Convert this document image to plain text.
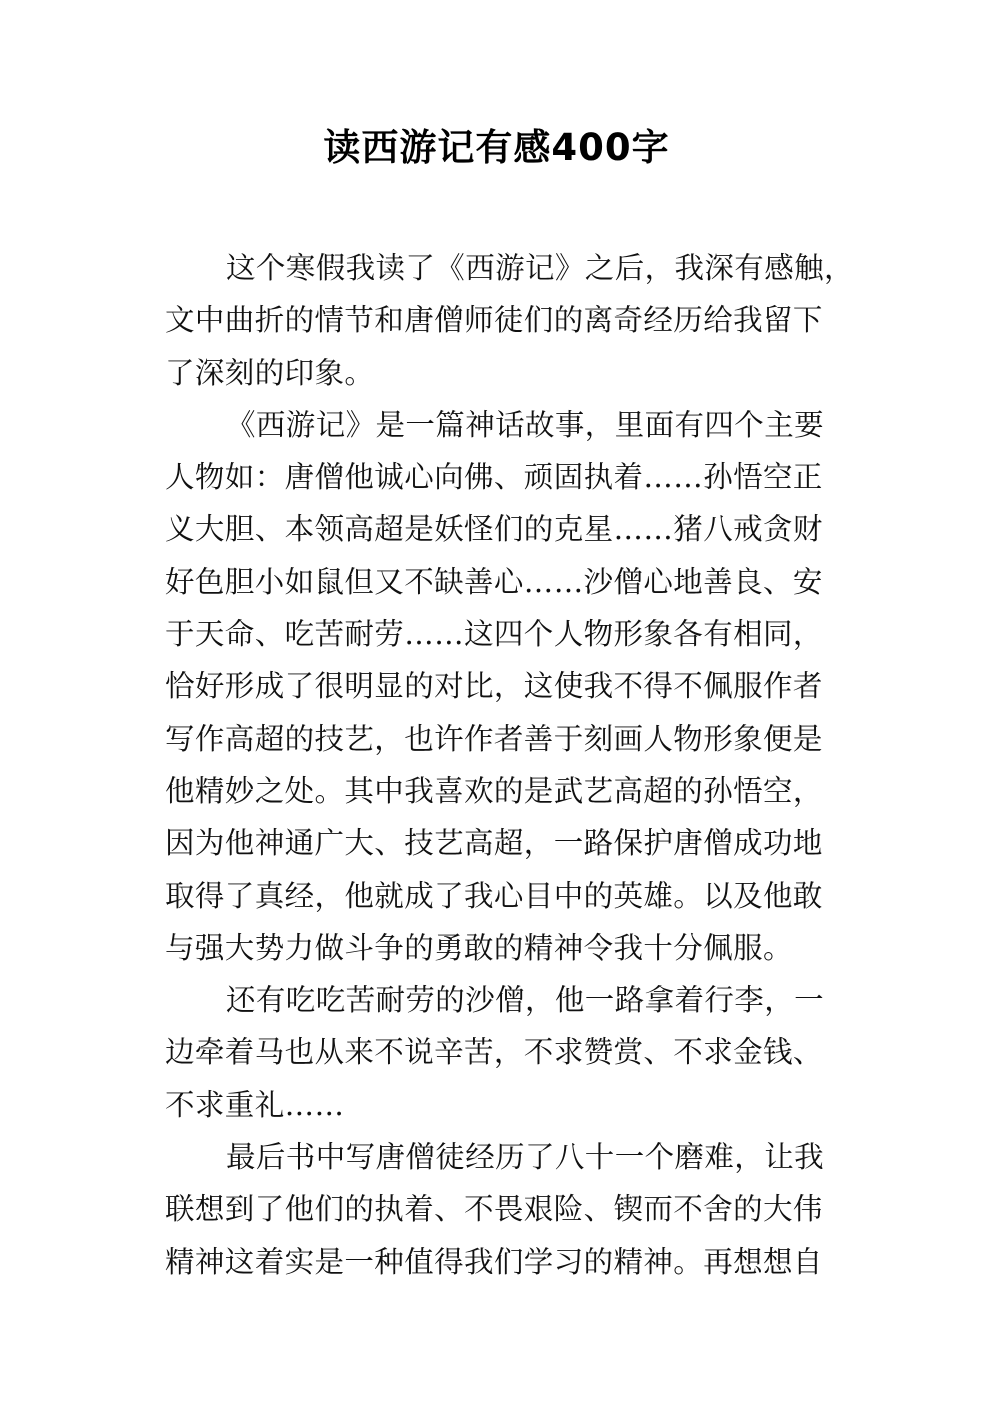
读西游记有感400字
这个寒假我读了《西游记》之后，我深有感触，
文中曲折的情节和唐僧师徒们的离奇经历给我留下
了深刻的印象。
《西游记》是一篇神话故事，里面有四个主要
人物如：唐僧他诚心向佛、顽固执着……孙悟空正
义大胆、本领高超是妖怪们的克星……猪八戒贪财
好色胆小如鼠但又不缺善心……沙僧心地善良、安
于天命、吃苦耐劳……这四个人物形象各有相同，
恰好形成了很明显的对比，这使我不得不佩服作者
写作高超的技艺，也许作者善于刻画人物形象便是
他精妙之处。其中我喜欢的是武艺高超的孙悟空，
因为他神通广大、技艺高超，一路保护唐僧成功地
取得了真经，他就成了我心目中的英雄。以及他敢
与强大势力做斗争的勇敢的精神令我十分佩服。
还有吃吃苦耐劳的沙僧，他一路拿着行李，一
边牵着马也从来不说辛苦，不求赞赏、不求金钱、
不求重礼……
最后书中写唐僧徒经历了八十一个磨难，让我
联想到了他们的执着、不畏艰险、锲而不舍的大伟
精神这着实是一种值得我们学习的精神。再想想自
